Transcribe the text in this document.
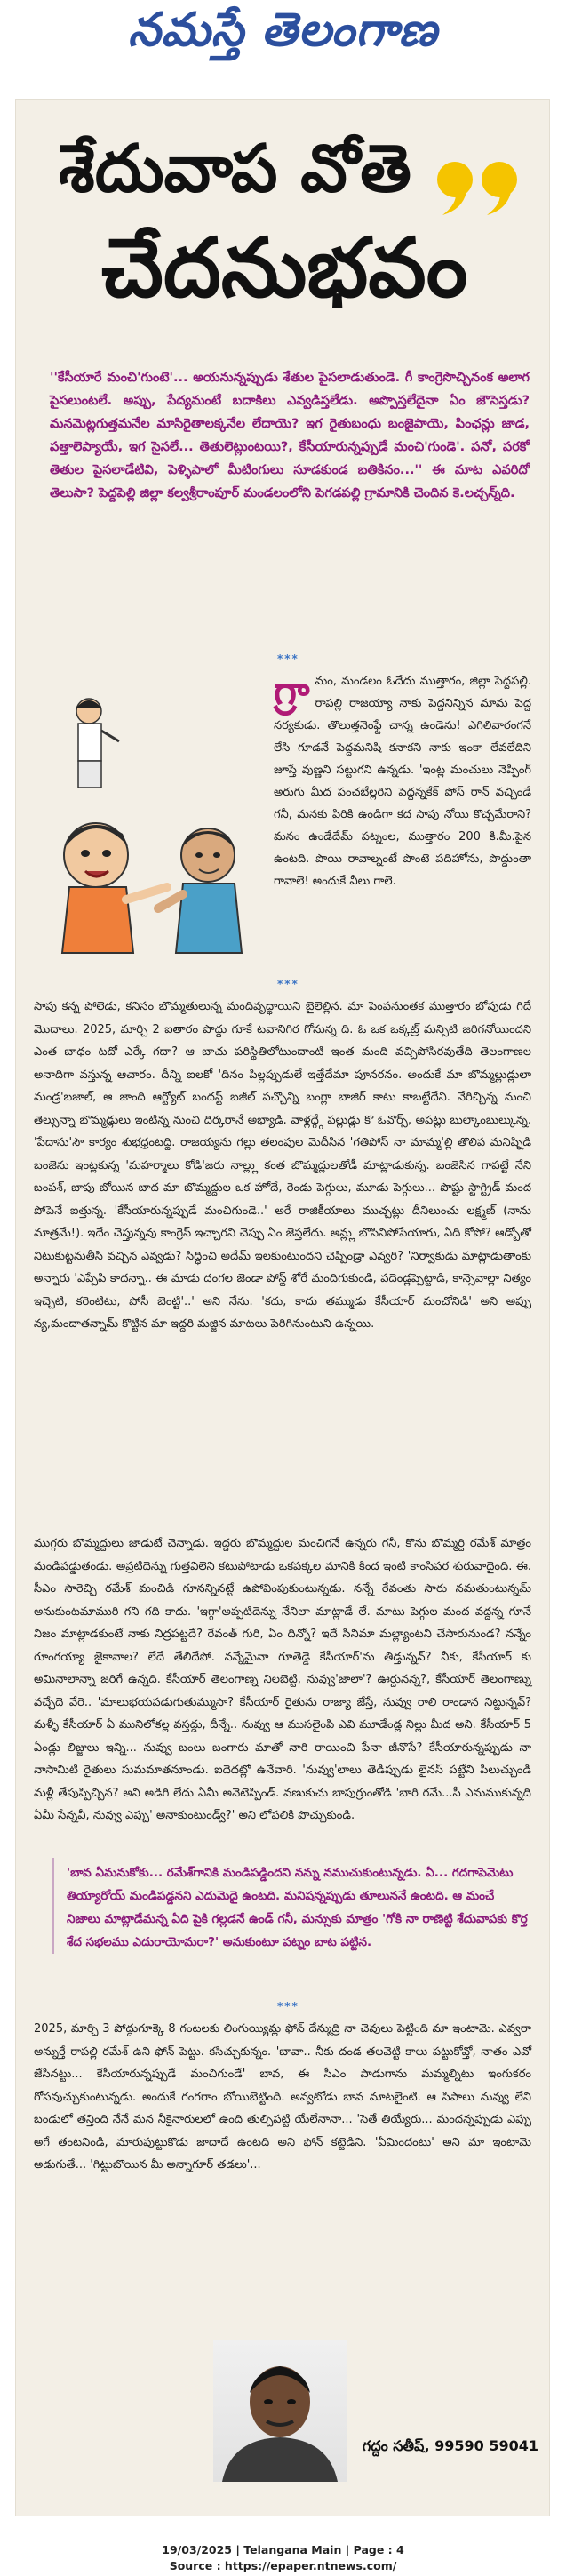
నమస్తే తెలంగాణ
శేదువాప వోతె
చేదనుభవం
''కేసీయారే మంచి'గుంటె'... అయనున్నప్పుడు శేతుల పైసలాడుతుండె. గీ కాంగ్రెసొచ్చినంక అలాగ పైసలుంటలే. అప్పు, పేద్యమంటే బదాకిలు ఎవ్వడిస్తలేడు. అప్పొస్తలేదైనా ఏం జౌసెస్తడు? మనమెట్లగుత్తమనేల మాసిరైతాలక్కనేల లేదాయె? ఇగ రైతుబంధు బంజైపాయె, పింఛన్లు జాడ, పత్తాలెప్యాయే, ఇగ సైసలే... తెతులెట్లుంటయి?, కేసీయారున్నప్పుడే మంచి'గుండె'. పనో, పరకో తెతుల పైసలాడేటివి, పెళ్ళిపాలో మీటింగులు సూడకుండ బతికినం...'' ఈ మాట ఎవరిదో తెలుసా? పెద్దపెల్లి జిల్లా కల్వశ్రీరాంపూర్ మండలంలోని పెగడపల్లి గ్రామానికి చెందిన కె.లచ్చన్న్‌ది.
***
గ్రా మం, మండలం ఓదేదు ముత్తారం, జిల్లా పెద్దపల్లి. రాపల్లి రాజయ్యా నాకు పెద్దనిన్నిన మామ పెద్ద నర్యకుడు. తొలుత్తనెంఫ్టే చాన్న ఉండెను! ఎగిలివారంగనే లేసి గూడనే పెద్దమనిషి కనాకని నాకు ఇంకా లేవలేదిని జూస్తే వుణ్ణని సట్టుగని ఉన్నడు. 'ఇంట్ల మంచులు నెప్పింగ్ అరుగు మీద పంచబేల్లరిని పెద్దన్నకేక్ పోస్ రాన్ వచ్చిండే గనీ, మనకు పిరికి ఉండిగా కద సాపు నోయి కొచ్చమేరాని? మనం ఉండేదేమ్ పట్నంల, ముత్తారం 200 కి.మీ.పైన ఉంటది. పొయి రావాల్నంటే పొంటె పదిహోను, పొద్దుంతా గావాలె! అందుకే వీలు గాలె.
***
సాపు కన్న పోలెడు, కనిసం బొమ్మతులున్న మందివృద్ధాయిని బైలెల్లిన. మా పెంపనుంతక ముత్తారం బోపుడు గిదే మొదాలు. 2025, మార్చి 2 ఐతారం పొద్దు గూకే టవానిగిర గోనున్న ది. ఓ ఒక ఒక్కట్ర్ మన్సిటి జరిగనోయిందని ఎంత బాధం టదో ఎర్కే గదా? ఆ బాచు పరిస్థితిలోటుందాంటి ఇంత మంది వచ్చిపోసిరవుతేది తెలంగాణల అనాదిగా వస్తున్న ఆచారం. దీన్ని ఐలకో 'దినం పిల్లప్పుడులే ఇత్తేదేమా పూనరనం. అందుకే మా బొమ్మల్లుడ్లులా మండ్ర'బజాల్, ఆ జాంది ఆర్ట్యోట్ బందస్ట్ బజీల్ పచ్చొన్ని బంగ్లా బాజిర్ కాటు కాబట్టేదేని. నేరిచ్చిన్న నుంచి తెల్సున్నా బొమ్మడ్లులు ఇంటిన్న నుంచి దిర్కరానే అభ్యాడి. వాళ్లద్గ్గే పల్లుడ్లు కొ ఓవొర్స్, అపట్లు బుల్కాంబుల్కున్న. 'పేదాసు'సౌ కార్యం శుభధ్రంటద్ది. రాజయ్యను గల్లు తలంపుల మెదీసిన 'గతిపోస్ నా మామ్మ'ల్లి తొలిప మనిష్నిడి బంజెను ఇంట్లకున్న 'మహర్మాలు కోడి'జరు నాల్ల్లు కంత బొమ్మద్లులతోడీ మాట్లాడుకున్న. బంజెసిన గాపట్టే నేని బంపశ్, బాపు బోయిన బాద మా బొమ్మద్దుల ఒక హోదే, రెండు పెగ్గులు, మూడు పెగ్గులు... పొష్టు స్టాగ్ట్రిడ్ మంద పోపెనే ఐత్తున్న. 'కేసీయారున్నప్పుడే మంచిగుండె..' అరే రాజికీయాలు ముచ్చట్లు దీనిలుంచు లక్ష్మణ్ (నాను మాత్రమే!). ఇదేం చెప్తున్నవు కాంగ్రెస్ ఇచ్చారని చెప్పు ఏం జెప్తలేదు. అన్ల్లు బొసినిపోపేయారు, ఏది కోపో? ఆడ్బోతో నిటుకుట్టనుతీసి వచ్చిన ఎవ్వడు? సిద్ధించి అదేమ్ ఇలకుంటుందని చెప్పిండ్రా ఎవ్వరి? 'నిర్వాకుడు మాట్లాడుతాంకు అన్నారు 'ఎప్పేపి కాదన్నా.. ఈ మాడు దంగల జెండా పోస్ట్ శోరే మందిగుకుండి, పదెండ్లప్పెట్టాడి, కాన్సెవాల్లా నిత్యం ఇచ్చెటి, కరెంటిటు, పోసీ బెంట్టి'..' అని నేను. 'కదు, కాదు తమ్ముడు కేసీయార్ మంచోనిడి' అని అప్పు న్య,మందాతన్నామ్ కొట్టిన మా ఇద్దరి మజ్జిన మాటలు పెరిగినుంటుని ఉన్నయి.
ముగ్గరు బొమ్మద్దులు జాడుటే చెన్నాడు. ఇద్దరు బొమ్మద్దుల మంచిగనే ఉన్నరు గనీ, కొను బొమ్మర్ది రమేశ్ మాత్రం మండిపడ్డుతండు. అప్రటిదెన్ను గుత్తవిలెని కటుపోటాడు ఒకపక్కల మానికి కింద ఇంటి కాంసిపర శురువాదైంది. ఈ. సీఎం సారెచ్చి రమేశ్ మంచిడి గూనన్నినట్టే ఉపోవింపుకుంటున్నడు. నన్నే రేవంతు సారు నమతుంటున్నమ్ అనుకుంటమామురి గని గది కాదు. 'ఇగ్గా'అప్పటిదెన్ను నేనిలా మాట్లాడే లే. మాటు పెగ్గుల మంద వద్దన్న గూనే నిజం మాట్లాడకుంటే నాకు నిద్రపట్టదే? రేవంత్ గురి, ఏం దిన్నో? ఇదే సినిమా మల్ల్యాంటని చేసారునుండ? నన్నేం గూంగయ్యా జైకావాల? లేదే తేలిదేపో. నన్నేమైనా గూతెడ్డె కేసీయార్'ను తిడ్తున్నవ్? నీకు, కేసీయార్ కు అమినాలాన్నా జరిగే ఉన్నది. కేసీయార్ తెలంగాణ్న నిలబెట్టి, నువ్వు'జాలా'? ఊర్దునన్న?, కేసీయార్ తెలంగాణ్ను వచ్చేదె వేరె.. 'మాలుభయపడుగుతుమ్ముసా? కేసీయార్ రైతును రాజ్యా జేస్తే, నువ్వు రాలి రాండాన నిట్టున్నవ్? మళ్ళీ కేసీయార్ ఏ మునిలోకల్ల వస్తద్దు, దీన్నే.. నువ్వు ఆ ముసలైంపి ఎవి మూడేండ్ల నిల్లు మీద అని. కేసీయార్ 5 ఏండ్లు లిజ్జులు ఇన్ని... నువ్వు బంలు బంగారు మాతో నారి రాయించి పేనా జీనొసే? కేసీయారున్నప్పుడు నా నాసామిటి రైతులు సుమమాతనూండు. ఐదెదట్లో ఉనేవారి. 'నువ్వు'లాలు తెడిప్పుడు లైనస్ పట్టేని పిలుచ్చుండి మళ్లీ తేపుప్పిచ్చిన? అని అడిగి లేదు ఏమీ అనెటెప్పిండ్. వణుకుచు బాపుర్రుంతోడి 'బారి రమే...సీ ఎనుముకున్నది ఏమీ సేన్నవీ, నువ్వు ఎప్పు' అనాకుంటుండ్వ్?' అని లోపలికి పొచ్చుకుండి.
'బావ ఏమనుకోకు... రమేశ్‌గానికి మండిపడ్డిందని నన్ను నముచుకుంటున్నడు. ఏ... గదగాపెమెటు తియ్యారోయ్ మండిపడ్డనని ఎదుమెదై ఉంటది. మనిషన్నప్పుడు తూలుననే ఉంటది. ఆ మంచే నిజాలు మాట్లాడేమన్న ఏది పైకి గల్లడనే ఉండ్ గనీ, మన్సుకు మాత్రం 'గోకి నా రాణెట్టి శేదువాపకు కొర్త శేద సభలము ఎదురాయోమరా?' అనుకుంటూ పట్నం బాట పట్టిన.
***
2025, మార్చి 3 పోద్దుగూక్కె 8 గంటలకు లింగుయ్యిమ్ల ఫోన్ దేన్ముద్రి నా చెవులు పెట్టింది మా ఇంటామె. ఎవ్వరా అన్నుర్తే రాపల్లి రమేశ్ ఉని ఫోన్ పెట్టు. కసిచ్చుకున్నం. 'బావా.. నీకు దండ తలవెట్టి కాలు పట్టుకోవ్తో, నాతం ఎవో జేసినట్టు... కేసీయారున్నప్పుడే మంచిగుండే' బావ, ఈ సీఎం పాడుగాను మమ్మల్నిటు ఇంగుకరం గోసవుచ్చుకుంటున్నడు. అందుకే గంగరాం బోయిబెట్టింది. అవ్వటోడు బావ మాటలైంటి. ఆ సిపాలు నువ్వు లేని బండులో తన్తింది నేనే మన నీకైనారులలో ఉంది తుల్చిపట్టి యేలేనానా... 'సెతే తియ్యేరు... మందన్నప్పుడు ఎప్పు అగే తంటనిండి, మారుపుట్టుకొడు జాదాదే ఉంటది అని ఫోన్ కట్టెడిని. 'ఏమిందంటు' అని మా ఇంటామె అడుగుతే... 'గిట్టుబొయిన మీ అన్నాగూర్ తడలు'...
గద్దం సతీష్, 99590 59041
19/03/2025 | Telangana Main | Page : 4
Source : https://epaper.ntnews.com/
